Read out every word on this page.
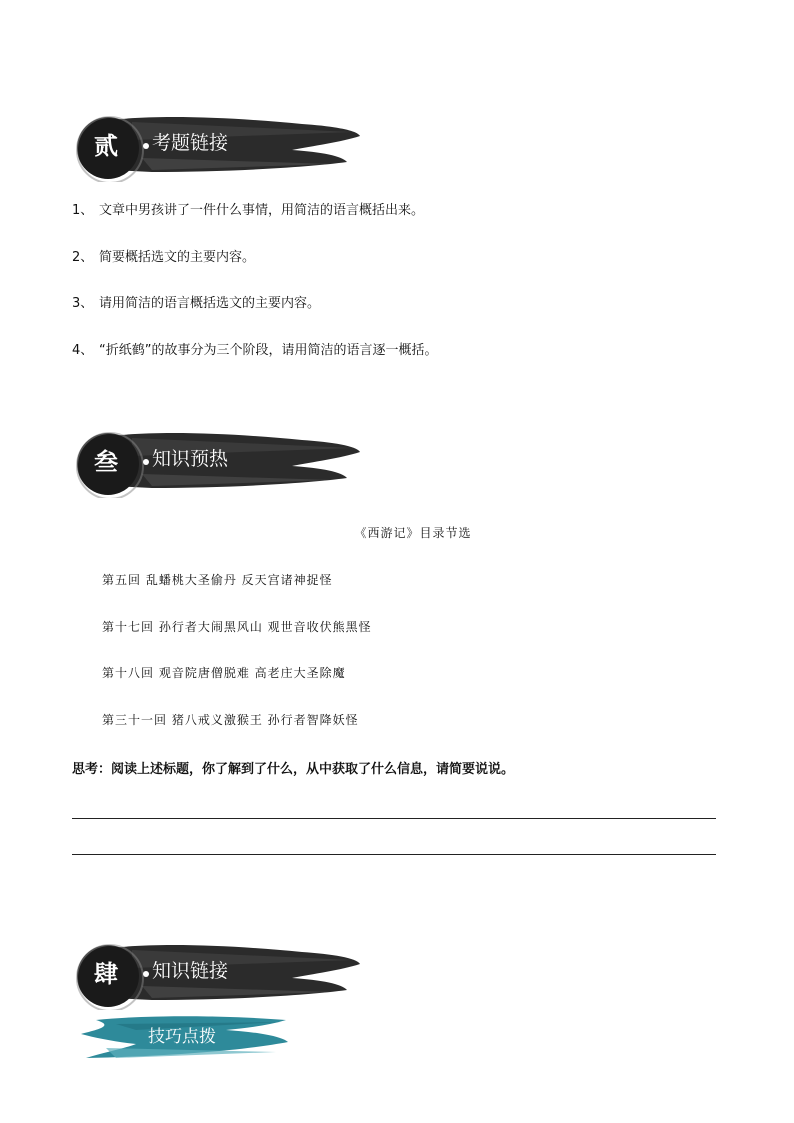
贰 考题链接
1、 文章中男孩讲了一件什么事情，用简洁的语言概括出来。
2、 简要概括选文的主要内容。
3、 请用简洁的语言概括选文的主要内容。
4、 “折纸鹤”的故事分为三个阶段，请用简洁的语言逐一概括。
叁 知识预热
《西游记》目录节选
第五回 乱蟠桃大圣偷丹 反天宫诸神捉怪
第十七回 孙行者大闹黑风山 观世音收伏熊黑怪
第十八回 观音院唐僧脱难 高老庄大圣除魔
第三十一回 猪八戒义激猴王 孙行者智降妖怪
思考：阅读上述标题，你了解到了什么，从中获取了什么信息，请简要说说。
肆 知识链接
技巧点拨
